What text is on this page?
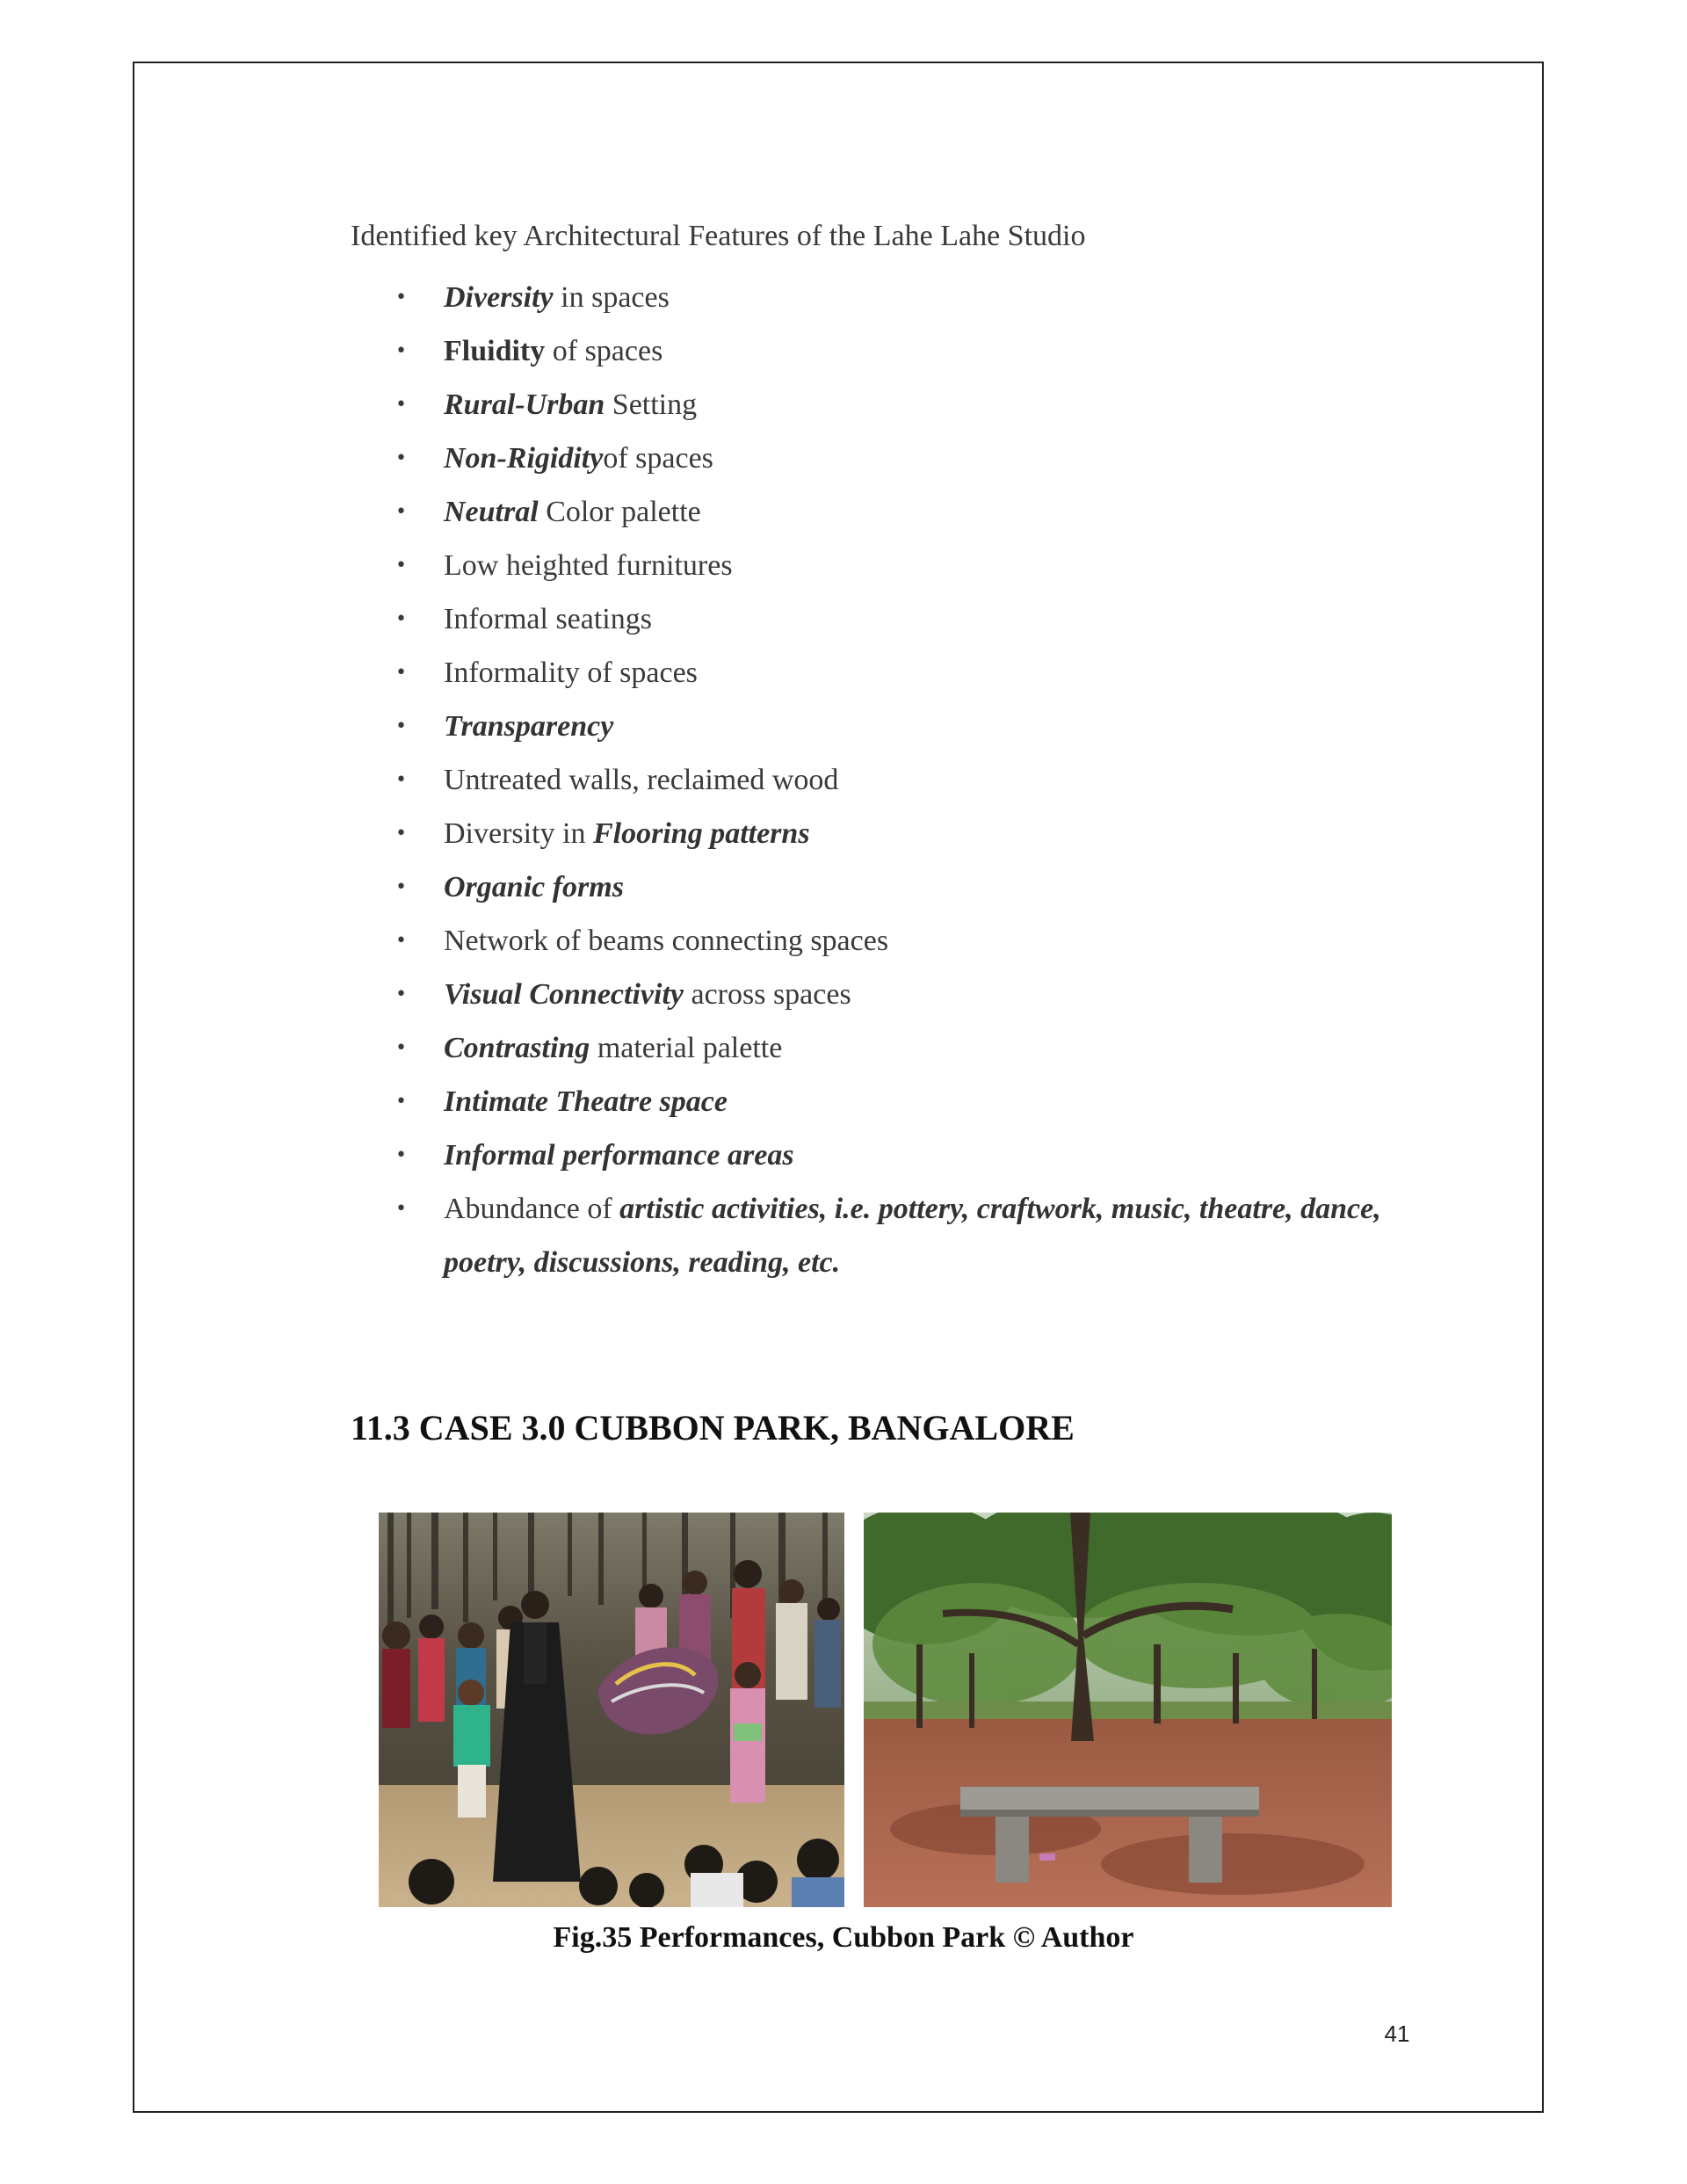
Identified key Architectural Features of the Lahe Lahe Studio
• Diversity in spaces
• Fluidity of spaces
• Rural-Urban Setting
• Non-Rigidityof spaces
• Neutral Color palette
• Low heighted furnitures
• Informal seatings
• Informality of spaces
• Transparency
• Untreated walls, reclaimed wood
• Diversity in Flooring patterns
• Organic forms
• Network of beams connecting spaces
• Visual Connectivity across spaces
• Contrasting material palette
• Intimate Theatre space
• Informal performance areas
• Abundance of artistic activities, i.e. pottery, craftwork, music, theatre, dance, poetry, discussions, reading, etc.
11.3 CASE 3.0 CUBBON PARK, BANGALORE
Fig.35 Performances, Cubbon Park © Author
41
